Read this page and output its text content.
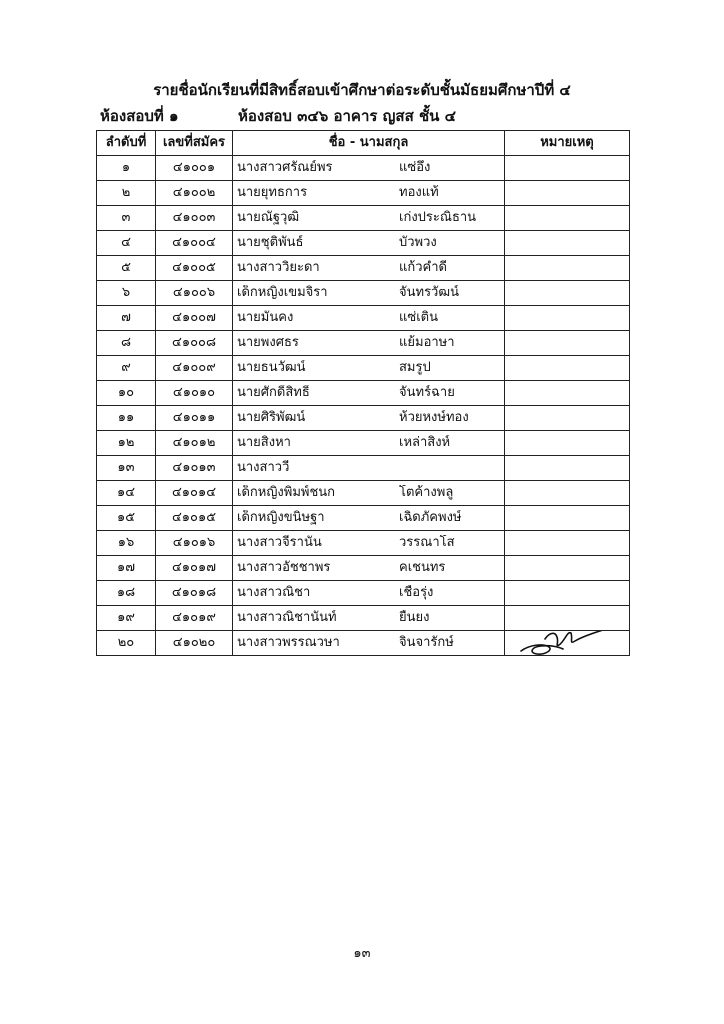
รายชื่อนักเรียนที่มีสิทธิ์สอบเข้าศึกษาต่อระดับชั้นมัธยมศึกษาปีที่ ๔
ห้องสอบที่ ๑	ห้องสอบ ๓๔๖ อาคาร ญสส ชั้น ๔
ลำดับที่	เลขที่สมัคร	ชื่อ - นามสกุล	หมายเหตุ
๑	๔๑๐๐๑	นางสาวศรัณย์พร แซ่อึ้ง	

๒	๔๑๐๐๒	นายยุทธการ ทองแท้	

๓	๔๑๐๐๓	นายณัฐวุฒิ เก่งประณิธาน	

๔	๔๑๐๐๔	นายชุติพันธ์ บัวพวง	

๕	๔๑๐๐๕	นางสาววิยะดา แก้วคำดี	

๖	๔๑๐๐๖	เด็กหญิงเขมจิรา จันทรวัฒน์	

๗	๔๑๐๐๗	นายมั่นคง แซ่เติ๋น	

๘	๔๑๐๐๘	นายพงศธร แย้มอาษา	

๙	๔๑๐๐๙	นายธนวัฒน์ สมรูป	

๑๐	๔๑๐๑๐	นายศักดิ์สิทธิ์ จันทร์ฉาย	

๑๑	๔๑๐๑๑	นายศิริพัฒน์ ห้วยหงษ์ทอง	

๑๒	๔๑๐๑๒	นายสิงหา เหล่าสิงห์	

๑๓	๔๑๐๑๓	นางสาววี	

๑๔	๔๑๐๑๔	เด็กหญิงพิมพ์ชนก โตค้างพลู	

๑๕	๔๑๐๑๕	เด็กหญิงขนิษฐา เฉิดภัคพงษ์	

๑๖	๔๑๐๑๖	นางสาวจีรานัน วรรณาโส	

๑๗	๔๑๐๑๗	นางสาวอัชชาพร คเชนทร	

๑๘	๔๑๐๑๘	นางสาวณิชา เชื้อรุ่ง	

๑๙	๔๑๐๑๙	นางสาวณิชานันท์ ยืนยง	

๒๐	๔๑๐๒๐	นางสาวพรรณวษา จินจารักษ์

๑๓
